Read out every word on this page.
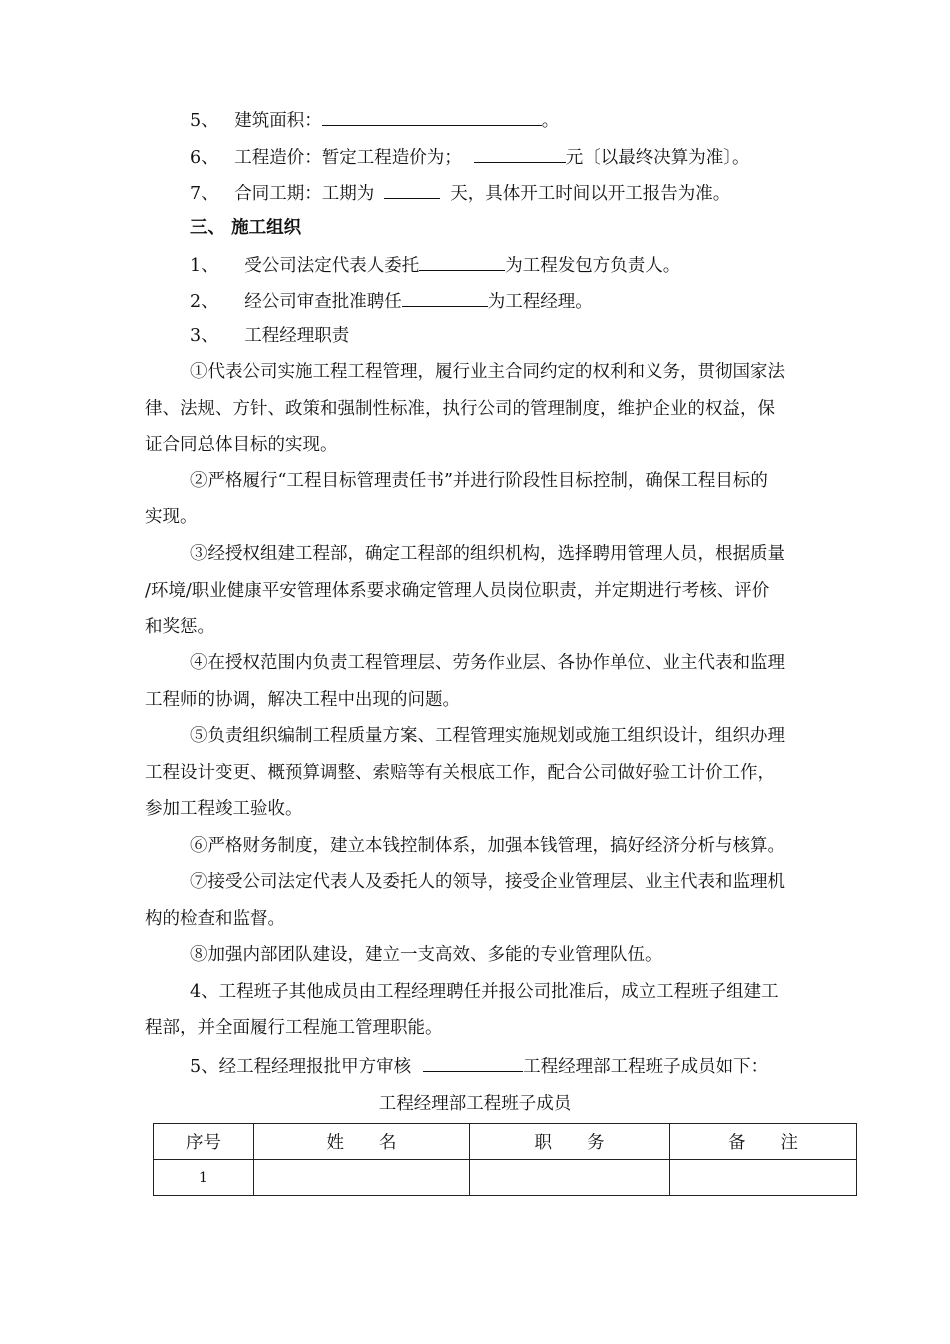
5、 建筑面积：	。
6、 工程造价：暂定工程造价为；	元〔以最终决算为准〕。
7、 合同工期：工期为	天，具体开工时间以开工报告为准。
三、 施工组织
1、 受公司法定代表人委托	为工程发包方负责人。
2、 经公司审查批准聘任	为工程经理。
3、 工程经理职责
①代表公司实施工程工程管理，履行业主合同约定的权利和义务，贯彻国家法
律、法规、方针、政策和强制性标准，执行公司的管理制度，维护企业的权益，保
证合同总体目标的实现。
②严格履行“工程目标管理责任书”并进行阶段性目标控制，确保工程目标的
实现。
③经授权组建工程部，确定工程部的组织机构，选择聘用管理人员，根据质量
/环境/职业健康平安管理体系要求确定管理人员岗位职责，并定期进行考核、评价
和奖惩。
④在授权范围内负责工程管理层、劳务作业层、各协作单位、业主代表和监理
工程师的协调，解决工程中出现的问题。
⑤负责组织编制工程质量方案、工程管理实施规划或施工组织设计，组织办理
工程设计变更、概预算调整、索赔等有关根底工作，配合公司做好验工计价工作，
参加工程竣工验收。
⑥严格财务制度，建立本钱控制体系，加强本钱管理，搞好经济分析与核算。
⑦接受公司法定代表人及委托人的领导，接受企业管理层、业主代表和监理机
构的检查和监督。
⑧加强内部团队建设，建立一支高效、多能的专业管理队伍。
4、工程班子其他成员由工程经理聘任并报公司批准后，成立工程班子组建工
程部，并全面履行工程施工管理职能。
5、经工程经理报批甲方审核	工程经理部工程班子成员如下：
工程经理部工程班子成员
序号	姓　　名	职　　务	备　　注
1			
